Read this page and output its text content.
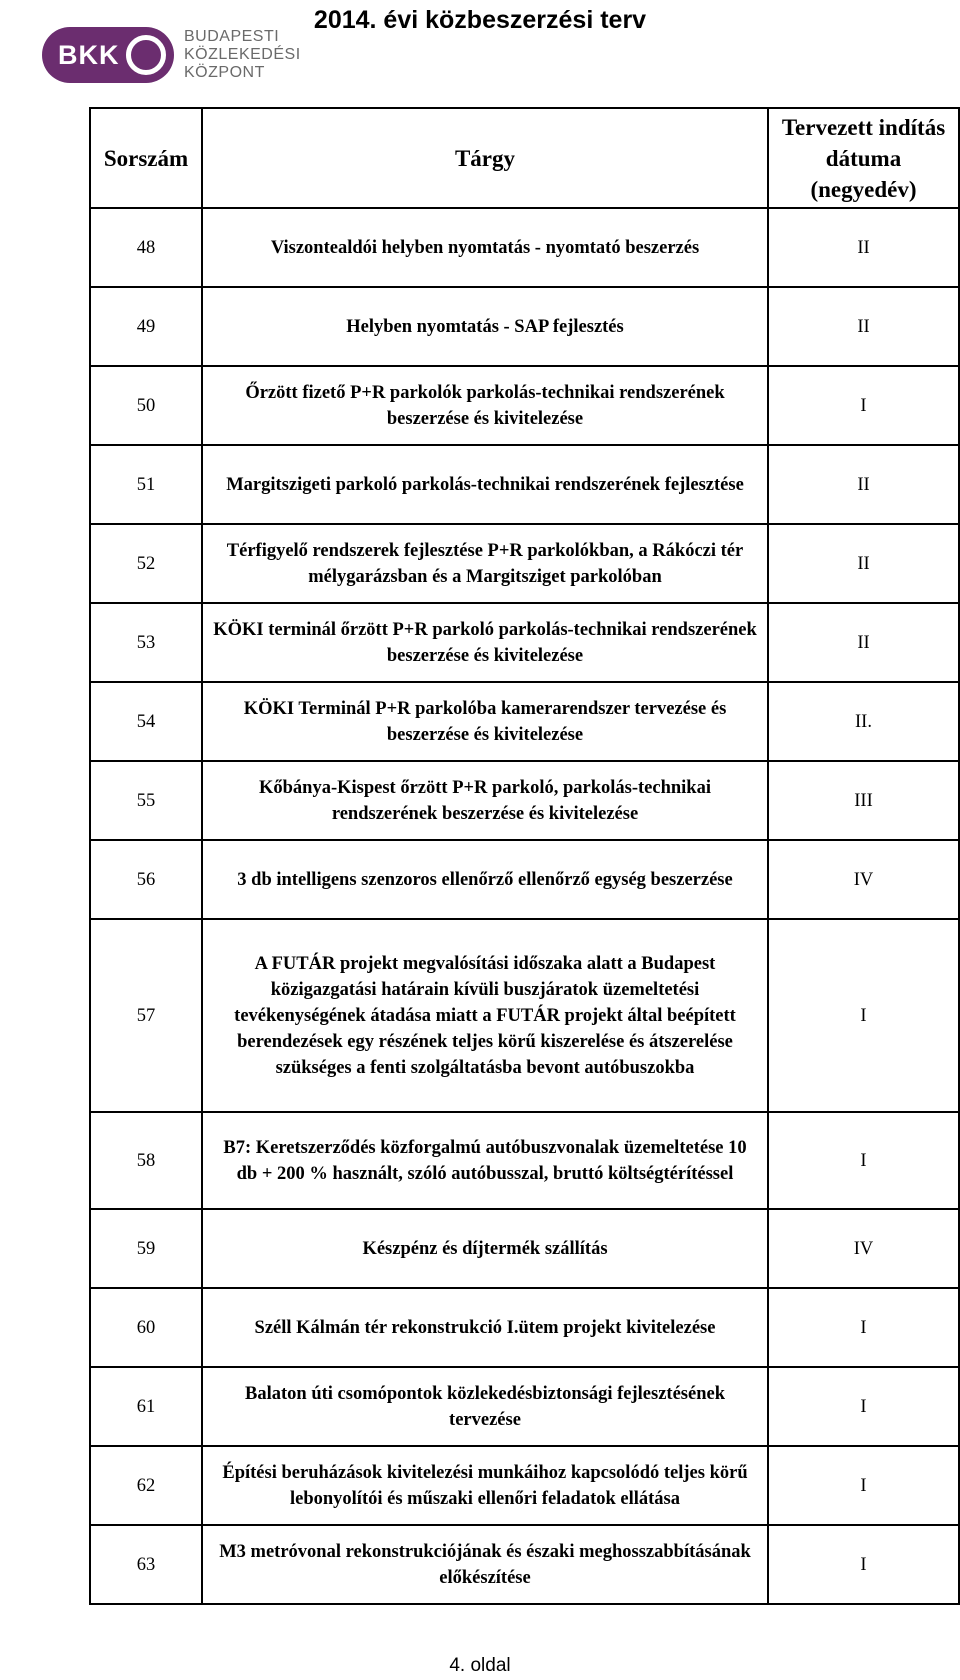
2014. évi közbeszerzési terv
BKK
BUDAPESTI
KÖZLEKEDÉSI
KÖZPONT
Sorszám	Tárgy	Tervezett indítás dátuma (negyedév)
48	Viszontealdói helyben nyomtatás - nyomtató beszerzés	II
49	Helyben nyomtatás - SAP fejlesztés	II
50	Őrzött fizető P+R parkolók parkolás-technikai rendszerének beszerzése és kivitelezése	I
51	Margitszigeti parkoló parkolás-technikai rendszerének fejlesztése	II
52	Térfigyelő rendszerek fejlesztése P+R parkolókban, a Rákóczi tér mélygarázsban és a Margitsziget parkolóban	II
53	KÖKI terminál őrzött P+R parkoló parkolás-technikai rendszerének beszerzése és kivitelezése	II
54	KÖKI Terminál P+R parkolóba kamerarendszer tervezése és beszerzése és kivitelezése	II.
55	Kőbánya-Kispest őrzött P+R parkoló, parkolás-technikai rendszerének beszerzése és kivitelezése	III
56	3 db intelligens szenzoros ellenőrző ellenőrző egység beszerzése	IV
57	A FUTÁR projekt megvalósítási időszaka alatt a Budapest közigazgatási határain kívüli buszjáratok üzemeltetési tevékenységének átadása miatt a FUTÁR projekt által beépített berendezések egy részének teljes körű kiszerelése és átszerelése szükséges a fenti szolgáltatásba bevont autóbuszokba	I
58	B7: Keretszerződés közforgalmú autóbuszvonalak üzemeltetése 10 db + 200 % használt, szóló autóbusszal, bruttó költségtérítéssel	I
59	Készpénz és díjtermék szállítás	IV
60	Széll Kálmán tér rekonstrukció I.ütem projekt kivitelezése	I
61	Balaton úti csomópontok közlekedésbiztonsági fejlesztésének tervezése	I
62	Építési beruházások kivitelezési munkáihoz kapcsolódó teljes körű lebonyolítói és műszaki ellenőri feladatok ellátása	I
63	M3 metróvonal rekonstrukciójának és északi meghosszabbításának előkészítése	I
4. oldal
